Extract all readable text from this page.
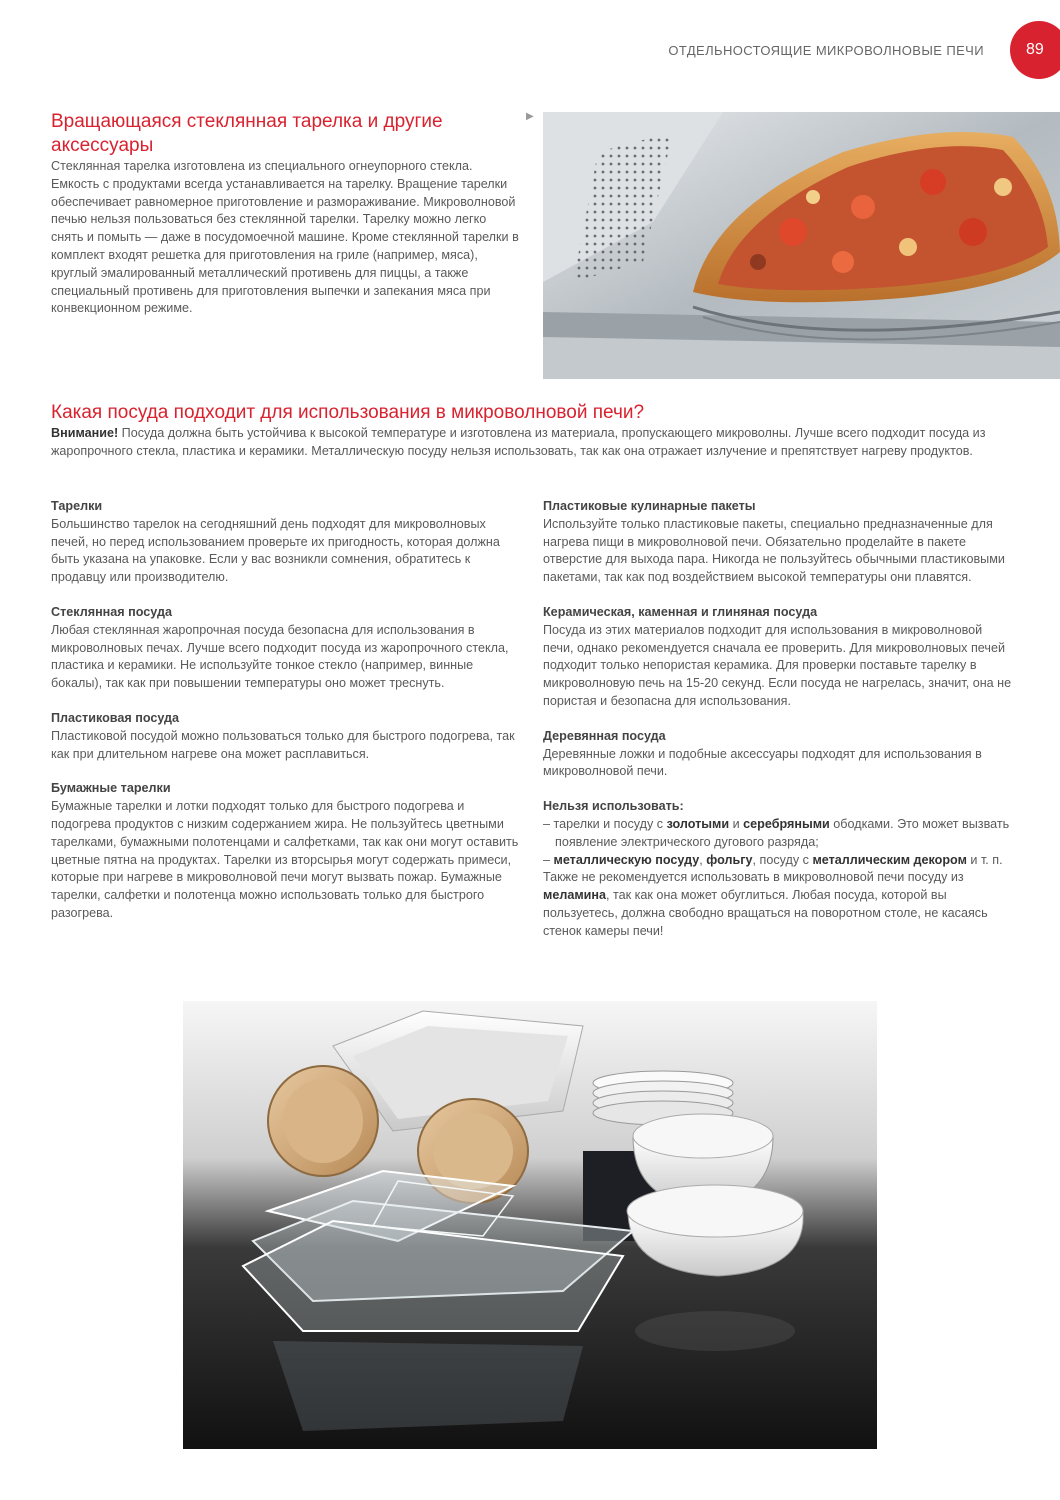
ОТДЕЛЬНОСТОЯЩИЕ МИКРОВОЛНОВЫЕ ПЕЧИ	89
Вращающаяся стеклянная тарелка и другие аксессуары

Стеклянная тарелка изготовлена из специального огнеупорного стекла. Емкость с продуктами всегда устанавливается на тарелку. Вращение тарелки обеспечивает равномерное приготовление и размораживание. Микроволновой печью нельзя пользоваться без стеклянной тарелки. Тарелку можно легко снять и помыть — даже в посудомоечной машине. Кроме стеклянной тарелки в комплект входят решетка для приготовления на гриле (например, мяса), круглый эмалированный металлический противень для пиццы, а также специальный противень для приготовления выпечки и запекания мяса при конвекционном режиме.

▶
Какая посуда подходит для использования в микроволновой печи?

Внимание! Посуда должна быть устойчива к высокой температуре и изготовлена из материала, пропускающего микроволны. Лучше всего подходит посуда из жаропрочного стекла, пластика и керамики. Металлическую посуду нельзя использовать, так как она отражает излучение и препятствует нагреву продуктов.

Тарелки

Большинство тарелок на сегодняшний день подходят для микроволновых печей, но перед использованием проверьте их пригодность, которая должна быть указана на упаковке. Если у вас возникли сомнения, обратитесь к продавцу или производителю.

Стеклянная посуда

Любая стеклянная жаропрочная посуда безопасна для использования в микроволновых печах. Лучше всего подходит посуда из жаропрочного стекла, пластика и керамики. Не используйте тонкое стекло (например, винные бокалы), так как при повышении температуры оно может треснуть.

Пластиковая посуда

Пластиковой посудой можно пользоваться только для быстрого подогрева, так как при длительном нагреве она может расплавиться.

Бумажные тарелки

Бумажные тарелки и лотки подходят только для быстрого подогрева и подогрева продуктов с низким содержанием жира. Не пользуйтесь цветными тарелками, бумажными полотенцами и салфетками, так как они могут оставить цветные пятна на продуктах. Тарелки из вторсырья могут содержать примеси, которые при нагреве в микроволновой печи могут вызвать пожар. Бумажные тарелки, салфетки и полотенца можно использовать только для быстрого разогрева.

Пластиковые кулинарные пакеты

Используйте только пластиковые пакеты, специально предназначенные для нагрева пищи в микроволновой печи. Обязательно проделайте в пакете отверстие для выхода пара. Никогда не пользуйтесь обычными пластиковыми пакетами, так как под воздействием высокой температуры они плавятся.

Керамическая, каменная и глиняная посуда

Посуда из этих материалов подходит для использования в микроволновой печи, однако рекомендуется сначала ее проверить. Для микроволновых печей подходит только непористая керамика. Для проверки поставьте тарелку в микроволновую печь на 15-20 секунд. Если посуда не нагрелась, значит, она не пористая и безопасна для использования.

Деревянная посуда

Деревянные ложки и подобные аксессуары подходят для использования в микроволновой печи.

Нельзя использовать:

– тарелки и посуду с золотыми и серебряными ободками. Это может вызвать появление электрического дугового разряда;

– металлическую посуду, фольгу, посуду с металлическим декором и т. п.

Также не рекомендуется использовать в микроволновой печи посуду из меламина, так как она может обуглиться. Любая посуда, которой вы пользуетесь, должна свободно вращаться на поворотном столе, не касаясь стенок камеры печи!
